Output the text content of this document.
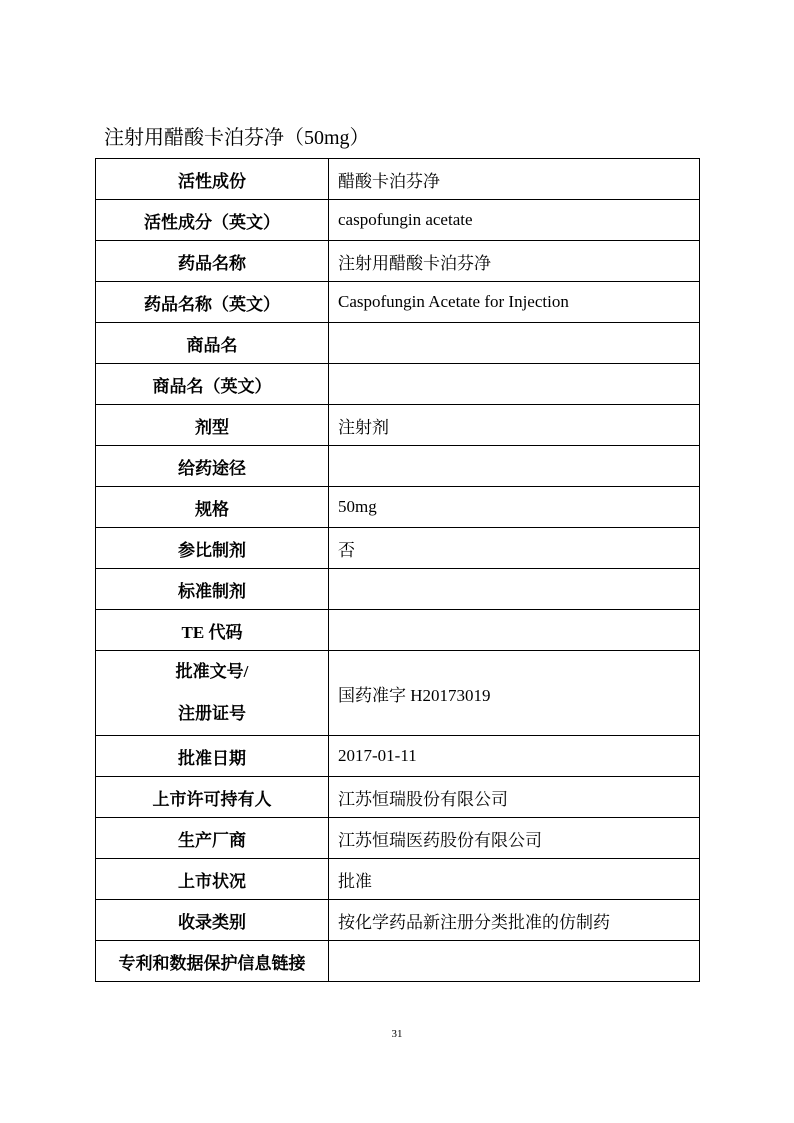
注射用醋酸卡泊芬净（50mg）
活性成份	醋酸卡泊芬净
活性成分（英文）	caspofungin acetate
药品名称	注射用醋酸卡泊芬净
药品名称（英文）	Caspofungin Acetate for Injection
商品名	
商品名（英文）	
剂型	注射剂
给药途径	
规格	50mg
参比制剂	否
标准制剂	
TE 代码	

批准文号/
注册证号	国药准字 H20173019
批准日期	2017-01-11
上市许可持有人	江苏恒瑞股份有限公司
生产厂商	江苏恒瑞医药股份有限公司
上市状况	批准
收录类别	按化学药品新注册分类批准的仿制药
专利和数据保护信息链接	
31
